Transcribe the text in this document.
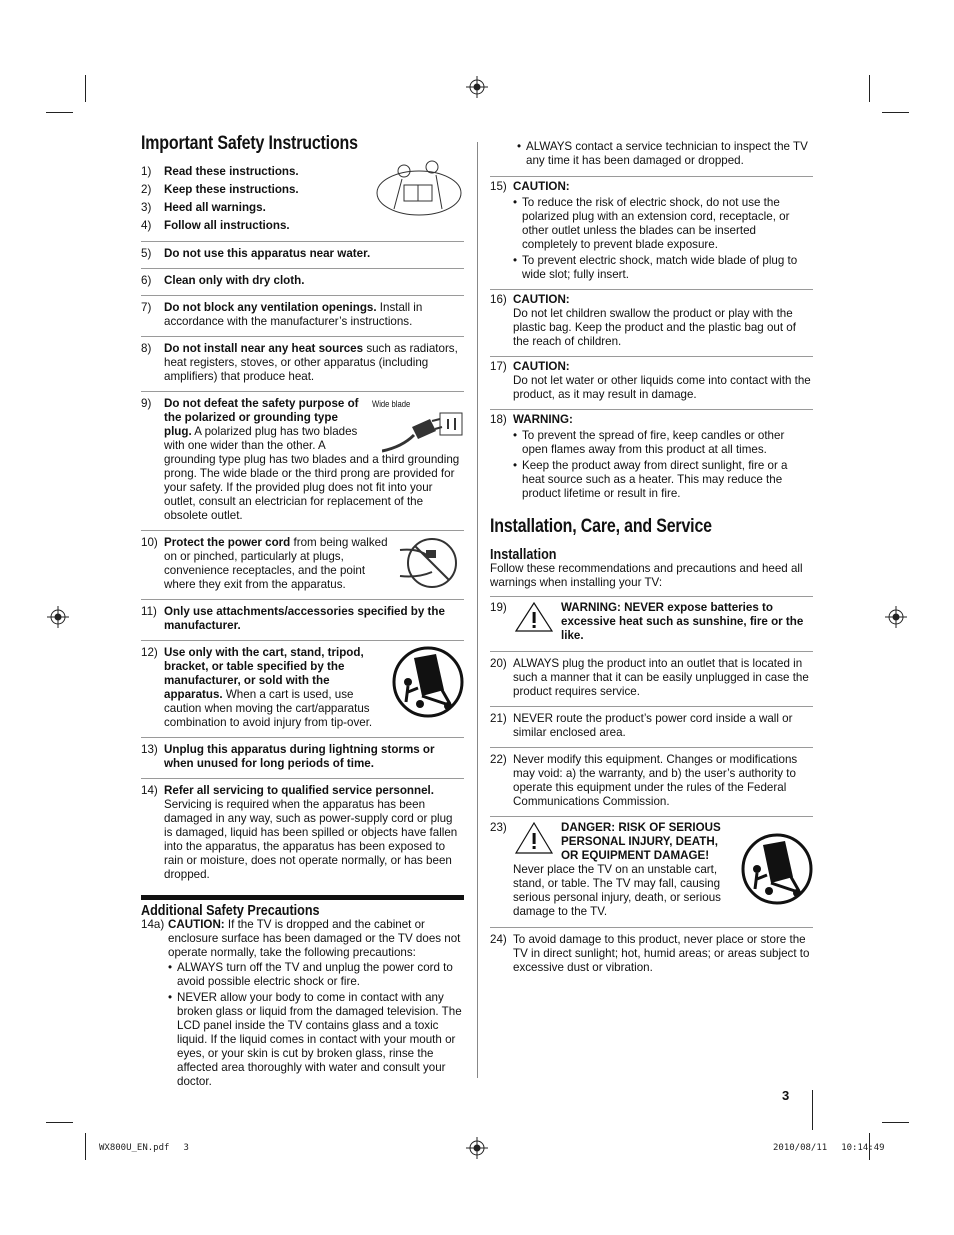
Important Safety Instructions
1)	Read these instructions.
2)	Keep these instructions.
3)	Heed all warnings.
4)	Follow all instructions.
5)	Do not use this apparatus near water.
6)	Clean only with dry cloth.
7)	Do not block any ventilation openings. Install in accordance with the manufacturer’s instructions.
8)	Do not install near any heat sources such as radiators, heat registers, stoves, or other apparatus (including amplifiers) that produce heat.
9)	Wide blade
Do not defeat the safety purpose of the polarized or grounding type plug. A polarized plug has two blades with one wider than the other. A grounding type plug has two blades and a third grounding prong. The wide blade or the third prong are provided for your safety. If the provided plug does not fit into your outlet, consult an electrician for replacement of the obsolete outlet.
10) Protect the power cord from being walked on or pinched, particularly at plugs, convenience receptacles, and the point where they exit from the apparatus.
11) Only use attachments/accessories specified by the manufacturer.
12) Use only with the cart, stand, tripod, bracket, or table specified by the manufacturer, or sold with the apparatus. When a cart is used, use caution when moving the cart/apparatus combination to avoid injury from tip-over.
13) Unplug this apparatus during lightning storms or when unused for long periods of time.
14) Refer all servicing to qualified service personnel. Servicing is required when the apparatus has been damaged in any way, such as power-supply cord or plug is damaged, liquid has been spilled or objects have fallen into the apparatus, the apparatus has been exposed to rain or moisture, does not operate normally, or has been dropped.
Additional Safety Precautions
14a) CAUTION: If the TV is dropped and the cabinet or enclosure surface has been damaged or the TV does not operate normally, take the following precautions:
• ALWAYS turn off the TV and unplug the power cord to avoid possible electric shock or fire.
• NEVER allow your body to come in contact with any broken glass or liquid from the damaged television. The LCD panel inside the TV contains glass and a toxic liquid. If the liquid comes in contact with your mouth or eyes, or your skin is cut by broken glass, rinse the affected area thoroughly with water and consult your doctor.
• ALWAYS contact a service technician to inspect the TV any time it has been damaged or dropped.
15) CAUTION:
• To reduce the risk of electric shock, do not use the polarized plug with an extension cord, receptacle, or other outlet unless the blades can be inserted completely to prevent blade exposure.
• To prevent electric shock, match wide blade of plug to wide slot; fully insert.
16) CAUTION:
Do not let children swallow the product or play with the plastic bag. Keep the product and the plastic bag out of the reach of children.
17) CAUTION:
Do not let water or other liquids come into contact with the product, as it may result in damage.
18) WARNING:
• To prevent the spread of fire, keep candles or other open flames away from this product at all times.
• Keep the product away from direct sunlight, fire or a heat source such as a heater. This may reduce the product lifetime or result in fire.
Installation, Care, and Service
Installation
Follow these recommendations and precautions and heed all warnings when installing your TV:
19)	WARNING: NEVER expose batteries to excessive heat such as sunshine, fire or the like.
20) ALWAYS plug the product into an outlet that is located in such a manner that it can be easily unplugged in case the product requires service.
21) NEVER route the product’s power cord inside a wall or similar enclosed area.
22) Never modify this equipment. Changes or modifications may void: a) the warranty, and b) the user’s authority to operate this equipment under the rules of the Federal Communications Commission.
23)	DANGER: RISK OF SERIOUS PERSONAL INJURY, DEATH, OR EQUIPMENT DAMAGE!
Never place the TV on an unstable cart, stand, or table. The TV may fall, causing serious personal injury, death, or serious damage to the TV.
24) To avoid damage to this product, never place or store the TV in direct sunlight; hot, humid areas; or areas subject to excessive dust or vibration.
3
WX800U_EN.pdf 3	2010/08/11 10:14:49
